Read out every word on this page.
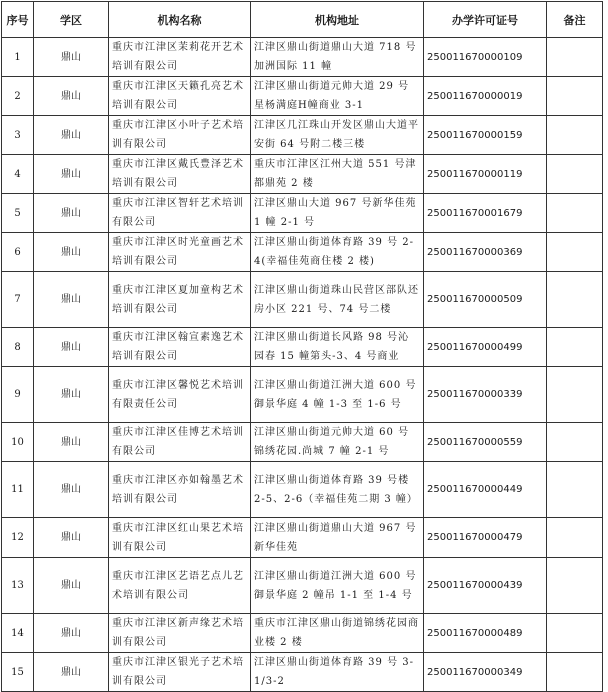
序号	学区	机构名称	机构地址	办学许可证号	备注
1	鼎山	重庆市江津区茉莉花开艺术培训有限公司	江津区鼎山街道鼎山大道 718 号加洲国际 11 幢	250011670000109	
2	鼎山	重庆市江津区天籁孔亮艺术培训有限公司	江津区鼎山街道元帅大道 29 号星杨满庭H幢商业 3-1	250011670000019	
3	鼎山	重庆市江津区小叶子艺术培训有限公司	江津区几江珠山开发区鼎山大道平安街 64 号附二楼三楼	250011670000159	
4	鼎山	重庆市江津区戴氏豊泽艺术培训有限公司	重庆市江津区江州大道 551 号津都鼎苑 2 楼	250011670000119	
5	鼎山	重庆市江津区智轩艺术培训有限公司	江津区鼎山大道 967 号新华佳苑 1 幢 2-1 号	250011670001679	
6	鼎山	重庆市江津区时光童画艺术培训有限公司	江津区鼎山街道体育路 39 号 2-4(幸福佳苑商住楼 2 楼)	250011670000369	
7	鼎山	重庆市江津区夏加童构艺术培训有限公司	江津区鼎山街道珠山民营区部队还房小区 221 号、74 号二楼	250011670000509	
8	鼎山	重庆市江津区翰宣素逸艺术培训有限公司	江津区鼎山街道长风路 98 号沁园春 15 幢第头-3、4 号商业	250011670000499	
9	鼎山	重庆市江津区馨悦艺术培训有限责任公司	江津区鼎山街道江洲大道 600 号御景华庭 4 幢 1-3 至 1-6 号	250011670000339	
10	鼎山	重庆市江津区佳博艺术培训有限公司	江津区鼎山街道元帅大道 60 号锦绣花园.尚城 7 幢 2-1 号	250011670000559	
11	鼎山	重庆市江津区亦如翰墨艺术培训有限公司	江津区鼎山街道体育路 39 号楼 2-5、2-6（幸福佳苑二期 3 幢）	250011670000449	
12	鼎山	重庆市江津区红山果艺术培训有限公司	江津区鼎山街道鼎山大道 967 号新华佳苑	250011670000479	
13	鼎山	重庆市江津区艺语艺点儿艺术培训有限公司	江津区鼎山街道江洲大道 600 号御景华庭 2 幢吊 1-1 至 1-4 号	250011670000439	
14	鼎山	重庆市江津区新声缘艺术培训有限公司	重庆市江津区鼎山街道锦绣花园商业楼 2 楼	250011670000489	
15	鼎山	重庆市江津区银光子艺术培训有限公司	江津区鼎山街道体育路 39 号 3-1/3-2	250011670000349	
